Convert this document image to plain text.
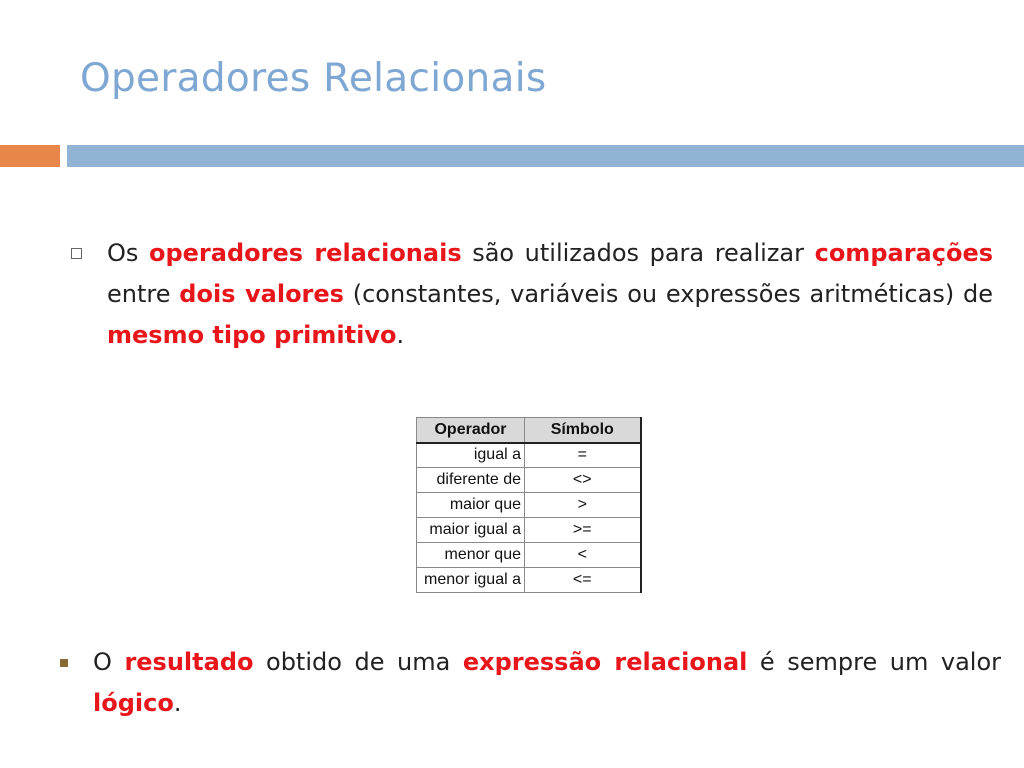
Operadores Relacionais
Os operadores relacionais são utilizados para realizar comparações entre dois valores (constantes, variáveis ou expressões aritméticas) de mesmo tipo primitivo.
Operador	Símbolo
igual a	=
diferente de	<>
maior que	>
maior igual a	>=
menor que	<
menor igual a	<=
O resultado obtido de uma expressão relacional é sempre um valor lógico.
